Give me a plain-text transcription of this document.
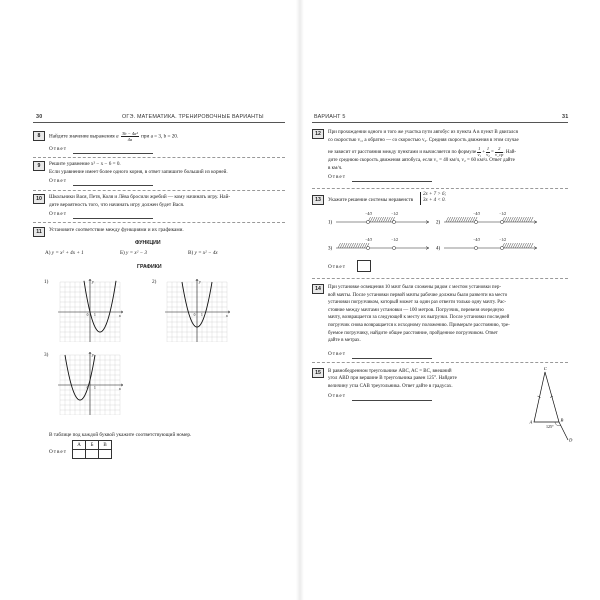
30	ОГЭ. МАТЕМАТИКА. ТРЕНИРОВОЧНЫЕ ВАРИАНТЫ
8	Найдите значение выражения a $\frac{\text{3b − 4a²}}{4a}$ при a = 3, b = 20.
Ответ
9	Решите уравнение x² − x − 6 = 0.
Если уравнение имеет более одного корня, в ответ запишите больший из корней.
Ответ
10	Школьники Вася, Петя, Коля и Лёва бросили жребий — кому начинать игру. Най-
дите вероятность того, что начинать игру должен будет Вася.
Ответ
11	Установите соответствие между функциями и их графиками.
ФУНКЦИИ
А) y = x² + 4x + 1	Б) y = x² − 3	В) y = x² − 4x
ГРАФИКИ
1)	2)
3)
x
y
0 1	x
y
0 1
x
y
0 1
В таблице под каждой буквой укажите соответствующий номер.
Ответ
А	Б	В

ВАРИАНТ 5	31
12	При прохождении одного и того же участка пути автобус из пункта A в пункт B двигался
со скоростью v₁, а обратно — со скоростью v₂. Средняя скорость движения в этом случае
не зависит от расстояния между пунктами и вычисляется по формуле $\frac{1}{\text{v₁}} + \frac{1}{\text{v₂}}$ =
2
v_ср . Най-
дите среднюю скорость движения автобуса, если v₁ = 40 км/ч, v₂ = 60 км/ч. Ответ дайте
в км/ч.
Ответ
13	Укажите решение системы неравенств
2x + 7 > 6;
3x + 4 < 0.
1)
−4/3	−1/2
2)
−4/3	−1/2
3)
−4/3	−1/2
4)
−4/3	−1/2
Ответ
14	При установке освещения 10 мачт были сложены рядом с местом установки пер-
вой мачты. После установки первой мачты рабочие должны были развезти на место
установки погрузчиком, который может за один раз отвезти только одну мачту. Рас-
стояние между мачтами установки — 100 метров. Погрузчик, перевезя очередную
мачту, возвращается за следующей к месту их выгрузки. После установки последней
погрузчик снова возвращается к исходному положению. Примерьте расстоянию, тре-
буемое погрузчику, найдите общее расстояние, пройденное погрузчиком. Ответ
дайте в метрах.
Ответ
15	В равнобедренном треугольнике ABC, AC = BC, внешний
угол ABD при вершине B треугольника равен 125°. Найдите
величину угла CAB треугольника. Ответ дайте в градусах.
Ответ
C
A	B
D
125°
